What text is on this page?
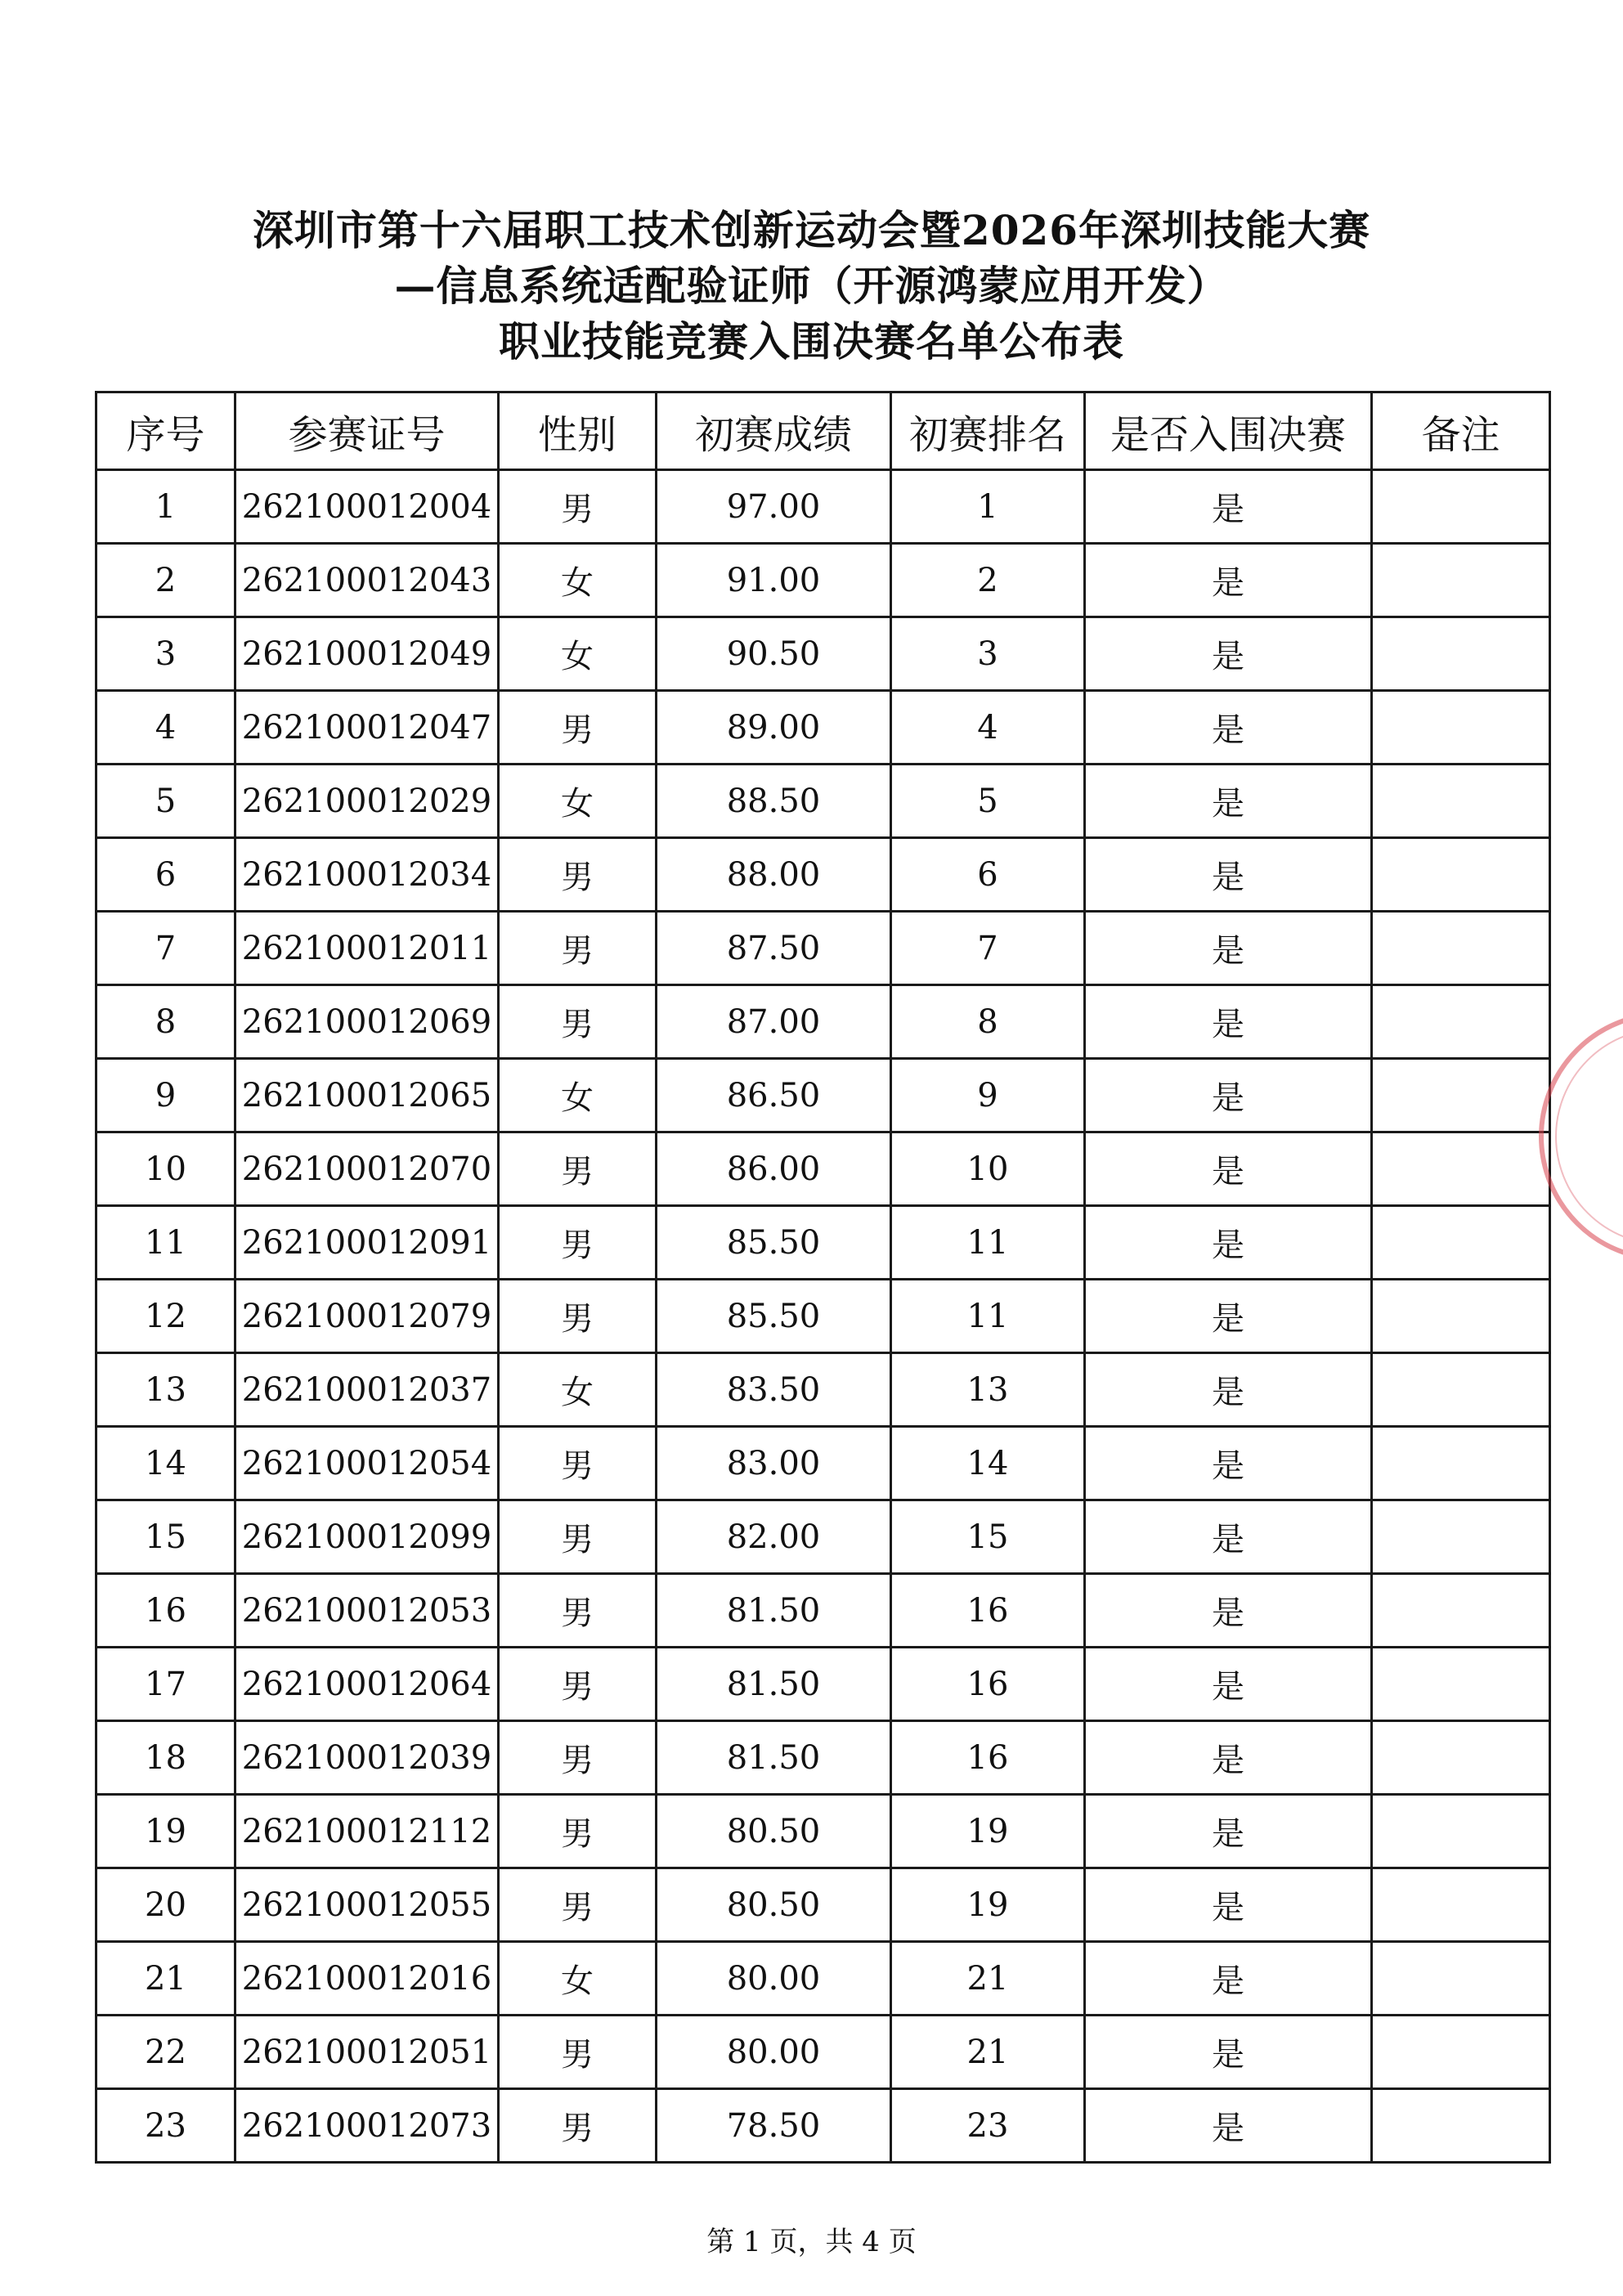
深圳市第十六届职工技术创新运动会暨2026年深圳技能大赛
—信息系统适配验证师（开源鸿蒙应用开发）
职业技能竞赛入围决赛名单公布表
序号	参赛证号	性别	初赛成绩	初赛排名	是否入围决赛	备注
1	262100012004	男	97.00	1	是	
2	262100012043	女	91.00	2	是	
3	262100012049	女	90.50	3	是	
4	262100012047	男	89.00	4	是	
5	262100012029	女	88.50	5	是	
6	262100012034	男	88.00	6	是	
7	262100012011	男	87.50	7	是	
8	262100012069	男	87.00	8	是	
9	262100012065	女	86.50	9	是	
10	262100012070	男	86.00	10	是	
11	262100012091	男	85.50	11	是	
12	262100012079	男	85.50	11	是	
13	262100012037	女	83.50	13	是	
14	262100012054	男	83.00	14	是	
15	262100012099	男	82.00	15	是	
16	262100012053	男	81.50	16	是	
17	262100012064	男	81.50	16	是	
18	262100012039	男	81.50	16	是	
19	262100012112	男	80.50	19	是	
20	262100012055	男	80.50	19	是	
21	262100012016	女	80.00	21	是	
22	262100012051	男	80.00	21	是	
23	262100012073	男	78.50	23	是	
第 1 页，共 4 页
